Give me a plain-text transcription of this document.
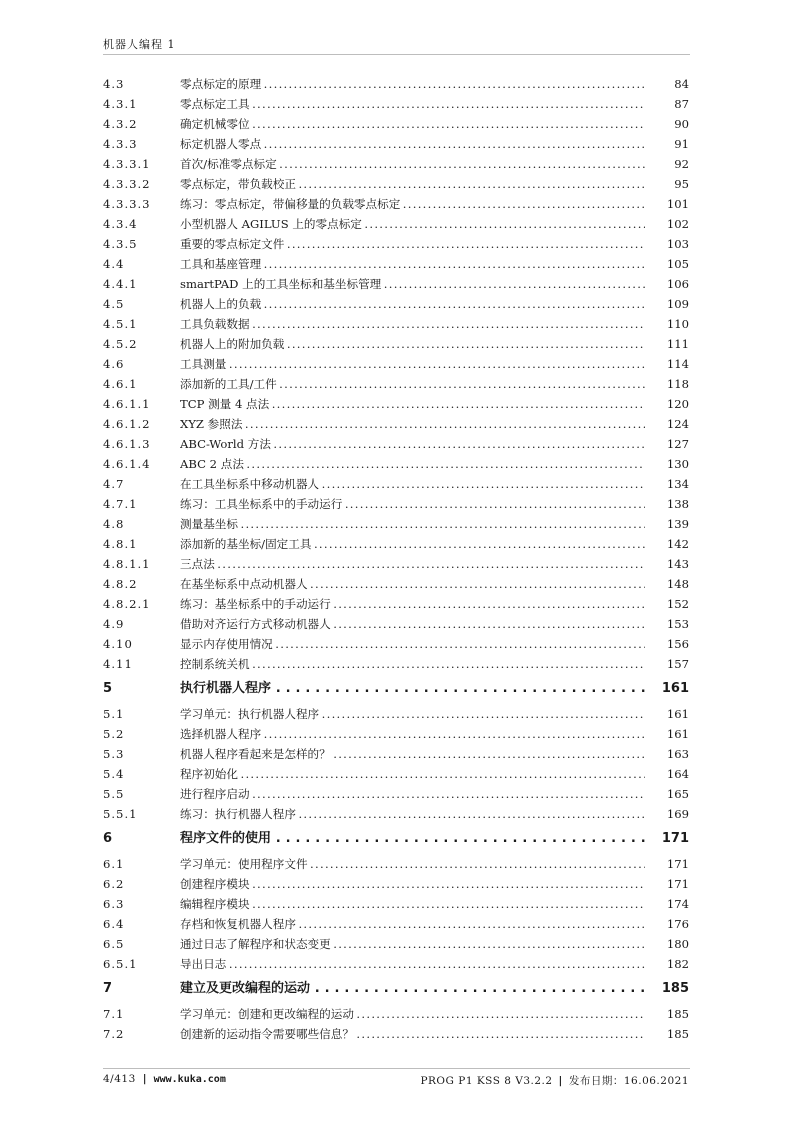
机器人编程 1
4.3	零点标定的原理 . . .	84
4.3.1	零点标定工具 . . .	87
4.3.2	确定机械零位 . . .	90
4.3.3	标定机器人零点 . . .	91
4.3.3.1	首次/标准零点标定 . . .	92
4.3.3.2	零点标定，带负载校正 . . .	95
4.3.3.3	练习：零点标定，带偏移量的负载零点标定 . . .	101
4.3.4	小型机器人 AGILUS 上的零点标定 . . .	102
4.3.5	重要的零点标定文件 . . .	103
4.4	工具和基座管理 . . .	105
4.4.1	smartPAD 上的工具坐标和基坐标管理 . . .	106
4.5	机器人上的负载 . . .	109
4.5.1	工具负载数据 . . .	110
4.5.2	机器人上的附加负载 . . .	111
4.6	工具测量 . . .	114
4.6.1	添加新的工具/工件 . . .	118
4.6.1.1	TCP 测量 4 点法 . . .	120
4.6.1.2	XYZ 参照法 . . .	124
4.6.1.3	ABC-World 方法 . . .	127
4.6.1.4	ABC 2 点法 . . .	130
4.7	在工具坐标系中移动机器人 . . .	134
4.7.1	练习：工具坐标系中的手动运行 . . .	138
4.8	测量基坐标 . . .	139
4.8.1	添加新的基坐标/固定工具 . . .	142
4.8.1.1	三点法 . . .	143
4.8.2	在基坐标系中点动机器人 . . .	148
4.8.2.1	练习：基坐标系中的手动运行 . . .	152
4.9	借助对齐运行方式移动机器人 . . .	153
4.10	显示内存使用情况 . . .	156
4.11	控制系统关机 . . .	157
5	执行机器人程序 . . .	161
5.1	学习单元：执行机器人程序 . . .	161
5.2	选择机器人程序 . . .	161
5.3	机器人程序看起来是怎样的？ . . .	163
5.4	程序初始化 . . .	164
5.5	进行程序启动 . . .	165
5.5.1	练习：执行机器人程序 . . .	169
6	程序文件的使用 . . .	171
6.1	学习单元：使用程序文件 . . .	171
6.2	创建程序模块 . . .	171
6.3	编辑程序模块 . . .	174
6.4	存档和恢复机器人程序 . . .	176
6.5	通过日志了解程序和状态变更 . . .	180
6.5.1	导出日志 . . .	182
7	建立及更改编程的运动 . . .	185
7.1	学习单元：创建和更改编程的运动 . . .	185
7.2	创建新的运动指令需要哪些信息？ . . .	185
4/413 | www.kuka.com	PROG P1 KSS 8 V3.2.2 | 发布日期：16.06.2021
